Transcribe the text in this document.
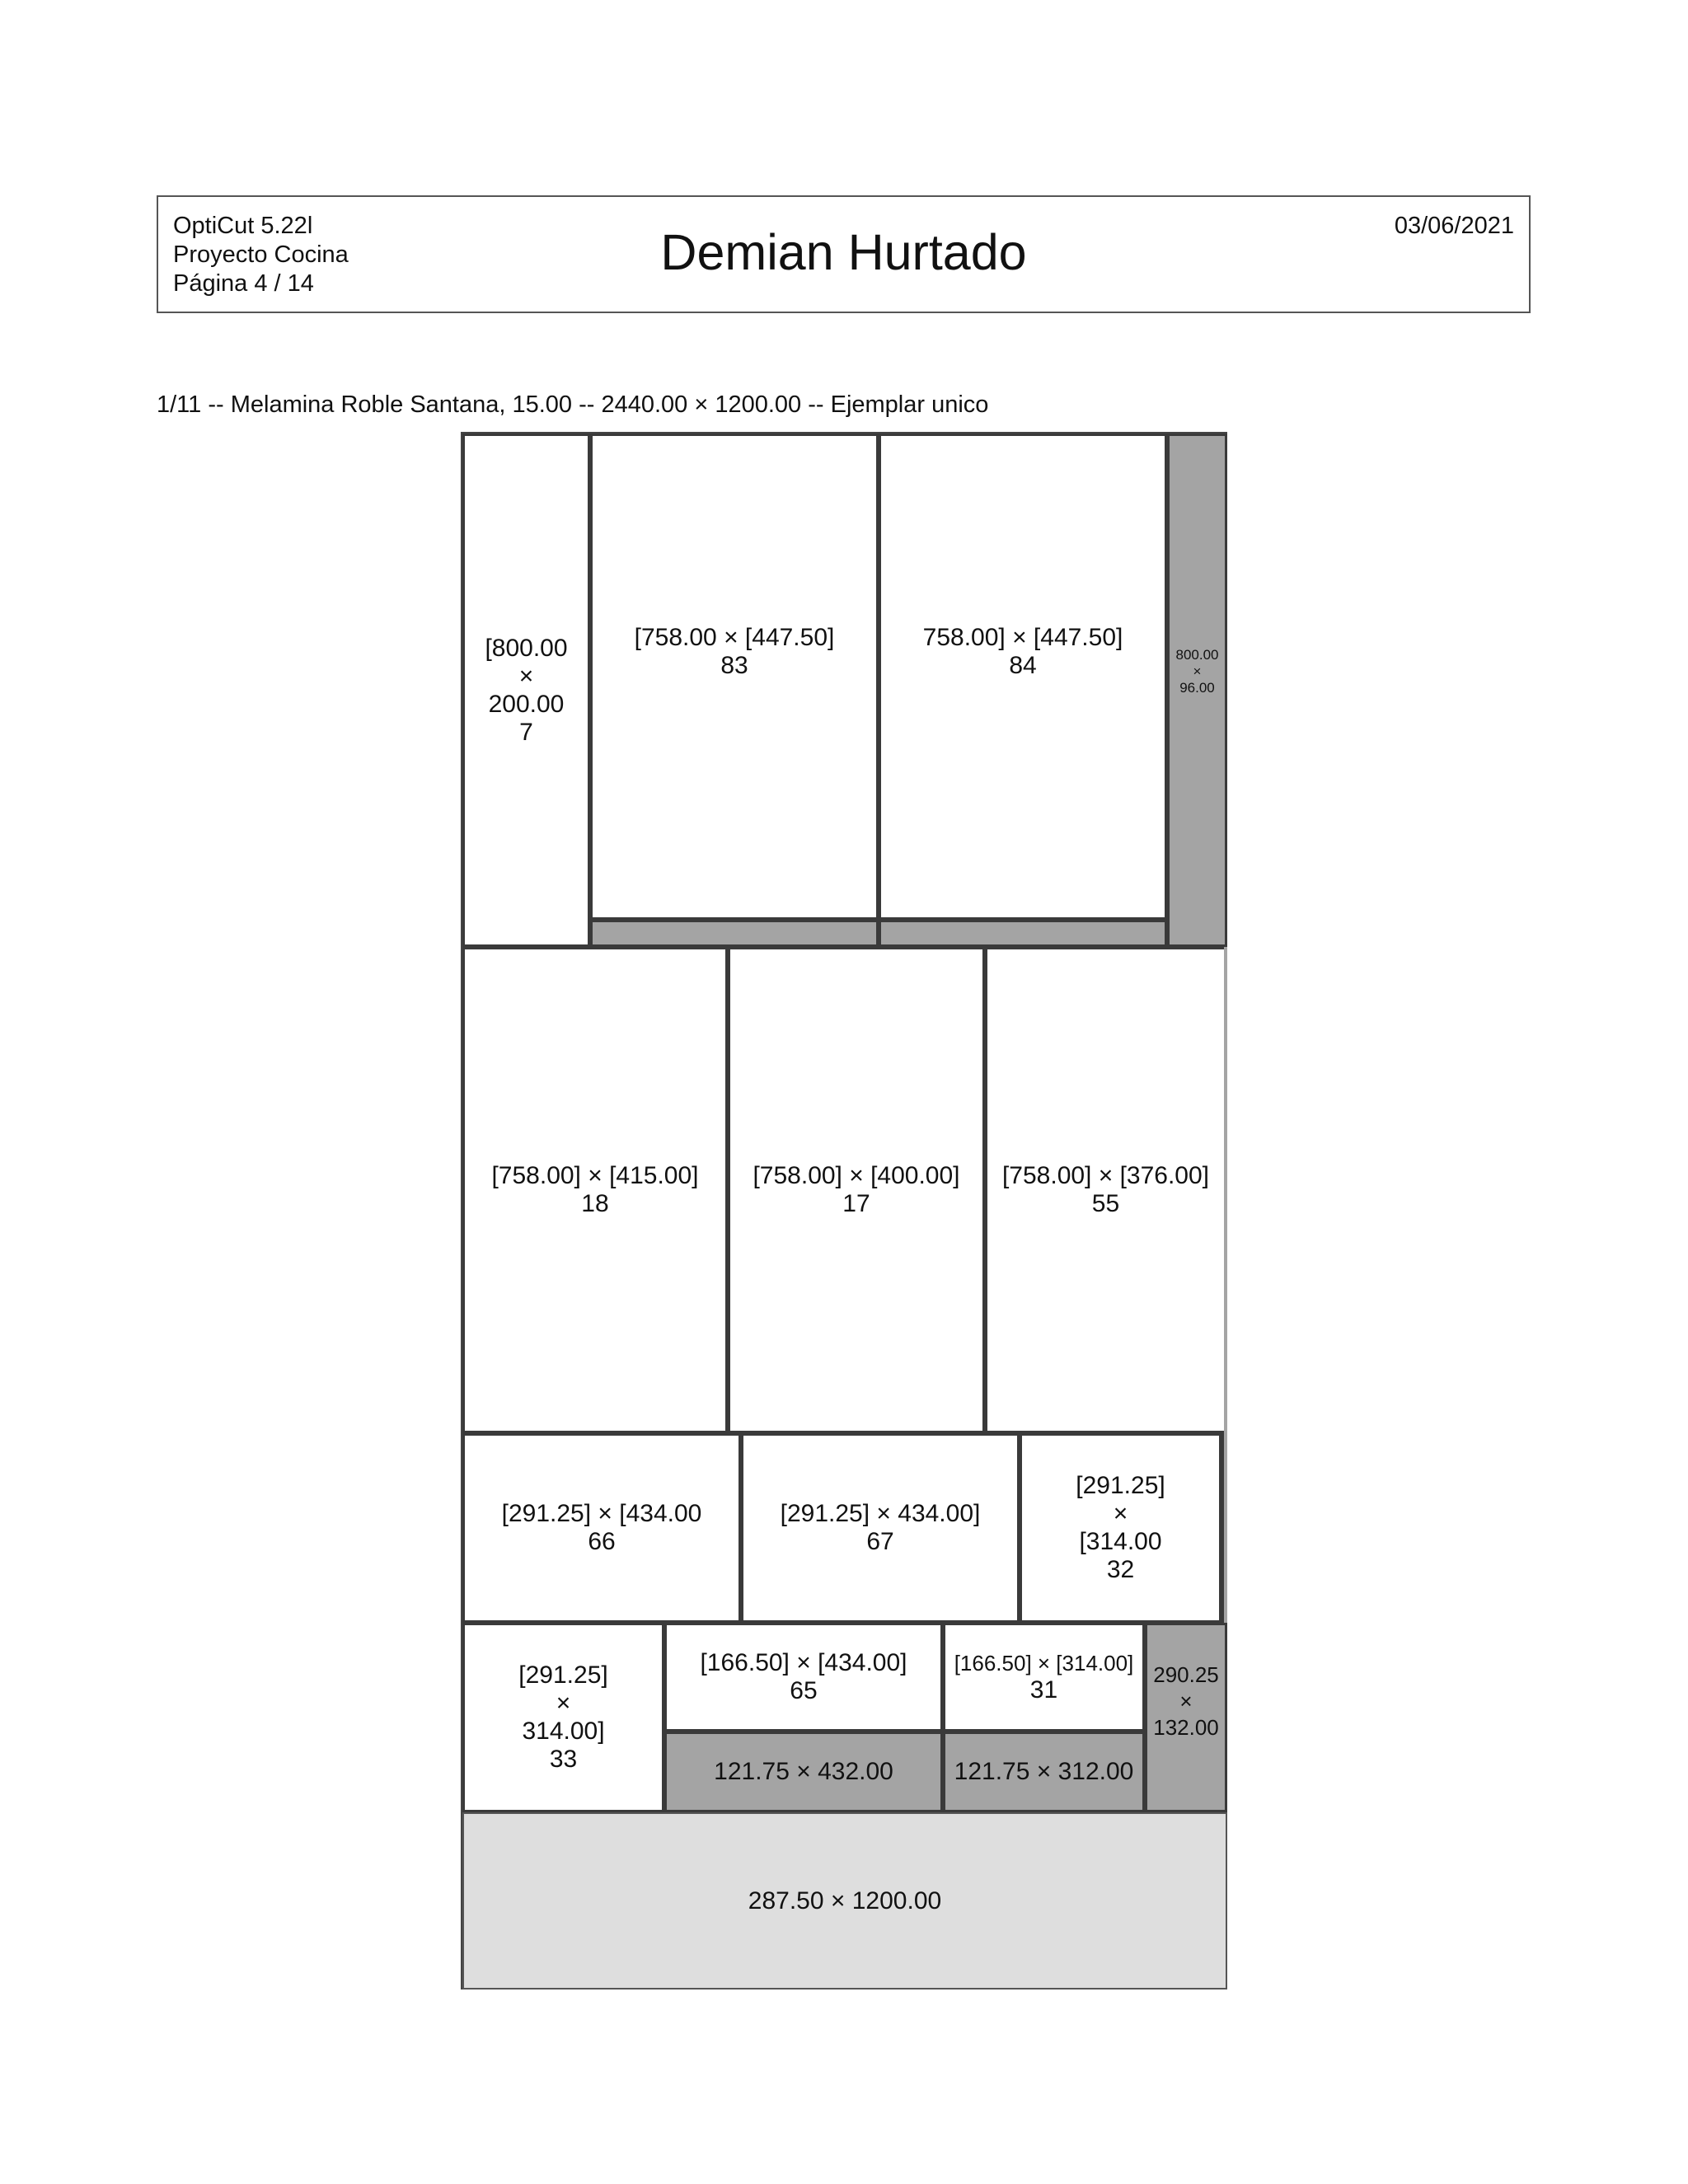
OptiCut 5.22l
Proyecto Cocina
Página 4 / 14
Demian Hurtado	03/06/2021
1/11 -- Melamina Roble Santana, 15.00 -- 2440.00 × 1200.00 -- Ejemplar unico
[800.00
×
200.00
7
[758.00 × [447.50]
83
758.00] × [447.50]
84	800.00
×
96.00
[758.00] × [415.00]
18
[758.00] × [400.00]
17
[758.00] × [376.00]
55
[291.25] × [434.00
66
[291.25] × 434.00]
67
[291.25]
×
[314.00
32
[291.25]
×
314.00]
33
[166.50] × [434.00]
65
121.75 × 432.00
[166.50] × [314.00]
31
121.75 × 312.00
290.25
×
132.00
287.50 × 1200.00
